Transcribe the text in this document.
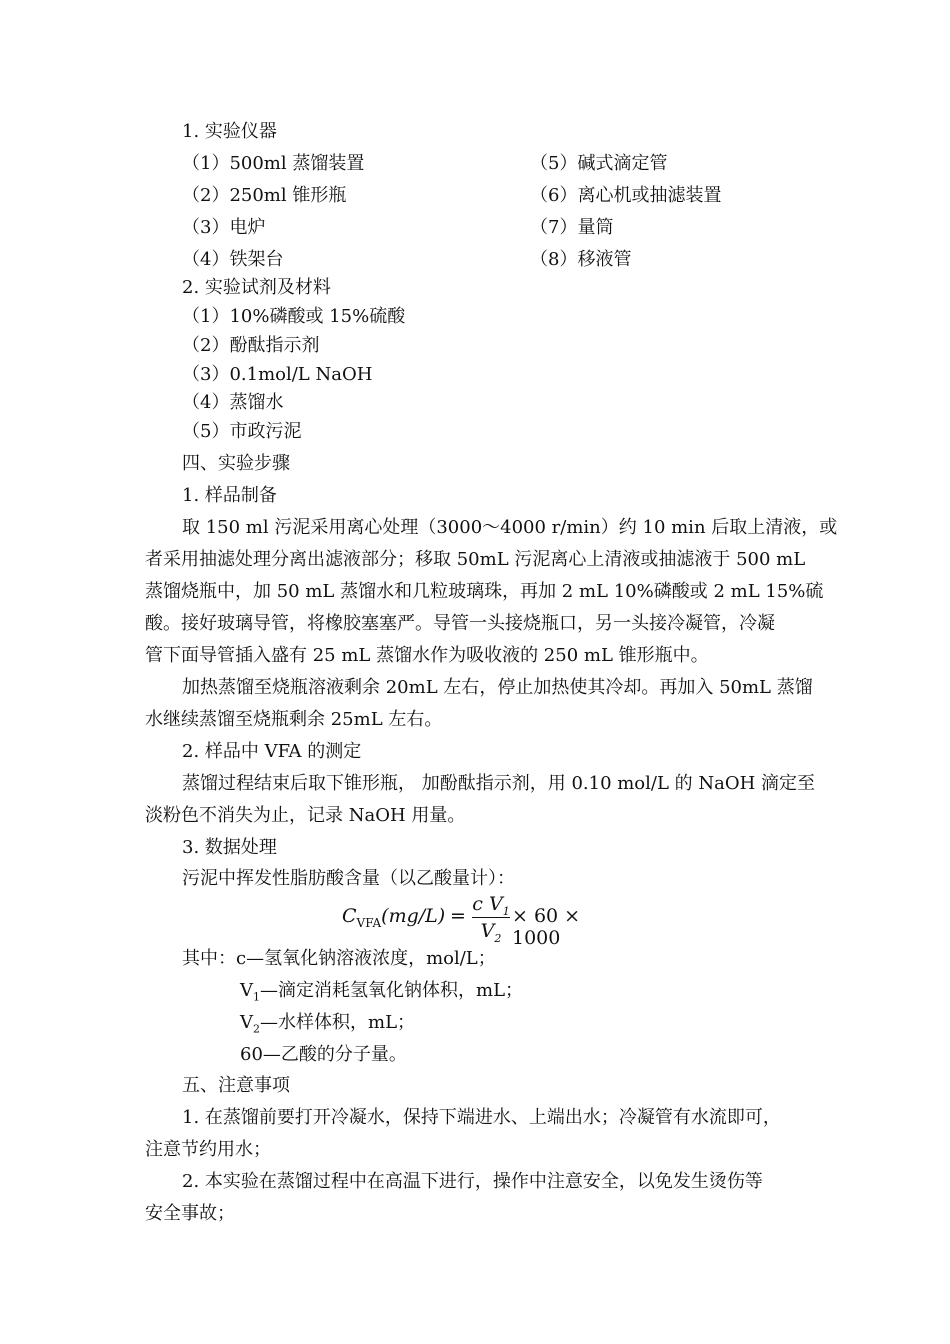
1. 实验仪器
（1）500ml 蒸馏装置
（2）250ml 锥形瓶
（3）电炉
（4）铁架台
（5）碱式滴定管
（6）离心机或抽滤装置
（7）量筒
（8）移液管
2. 实验试剂及材料
（1）10%磷酸或 15%硫酸
（2）酚酞指示剂
（3）0.1mol/L NaOH
（4）蒸馏水
（5）市政污泥
四、实验步骤
1. 样品制备
取 150 ml 污泥采用离心处理（3000～4000 r/min）约 10 min 后取上清液，或
者采用抽滤处理分离出滤液部分；移取 50mL 污泥离心上清液或抽滤液于 500 mL
蒸馏烧瓶中，加 50 mL 蒸馏水和几粒玻璃珠，再加 2 mL 10%磷酸或 2 mL 15%硫
酸。接好玻璃导管，将橡胶塞塞严。导管一头接烧瓶口，另一头接冷凝管，冷凝
管下面导管插入盛有 25 mL 蒸馏水作为吸收液的 250 mL 锥形瓶中。
加热蒸馏至烧瓶溶液剩余 20mL 左右，停止加热使其冷却。再加入 50mL 蒸馏
水继续蒸馏至烧瓶剩余 25mL 左右。
2. 样品中 VFA 的测定
蒸馏过程结束后取下锥形瓶， 加酚酞指示剂，用 0.10 mol/L 的 NaOH 滴定至
淡粉色不消失为止，记录 NaOH 用量。
3. 数据处理
污泥中挥发性脂肪酸含量（以乙酸量计）：
$C_{VFA}(mg/L)$ =
c $V_1$
$V_2$
× 60 × 1000
其中：c—氢氧化钠溶液浓度，mol/L；
$V_1—$滴定消耗氢氧化钠体积，mL；
$V_2—$水样体积，mL；
60—乙酸的分子量。
五、注意事项
1. 在蒸馏前要打开冷凝水，保持下端进水、上端出水；冷凝管有水流即可，
注意节约用水；
2. 本实验在蒸馏过程中在高温下进行，操作中注意安全，以免发生烫伤等
安全事故；
